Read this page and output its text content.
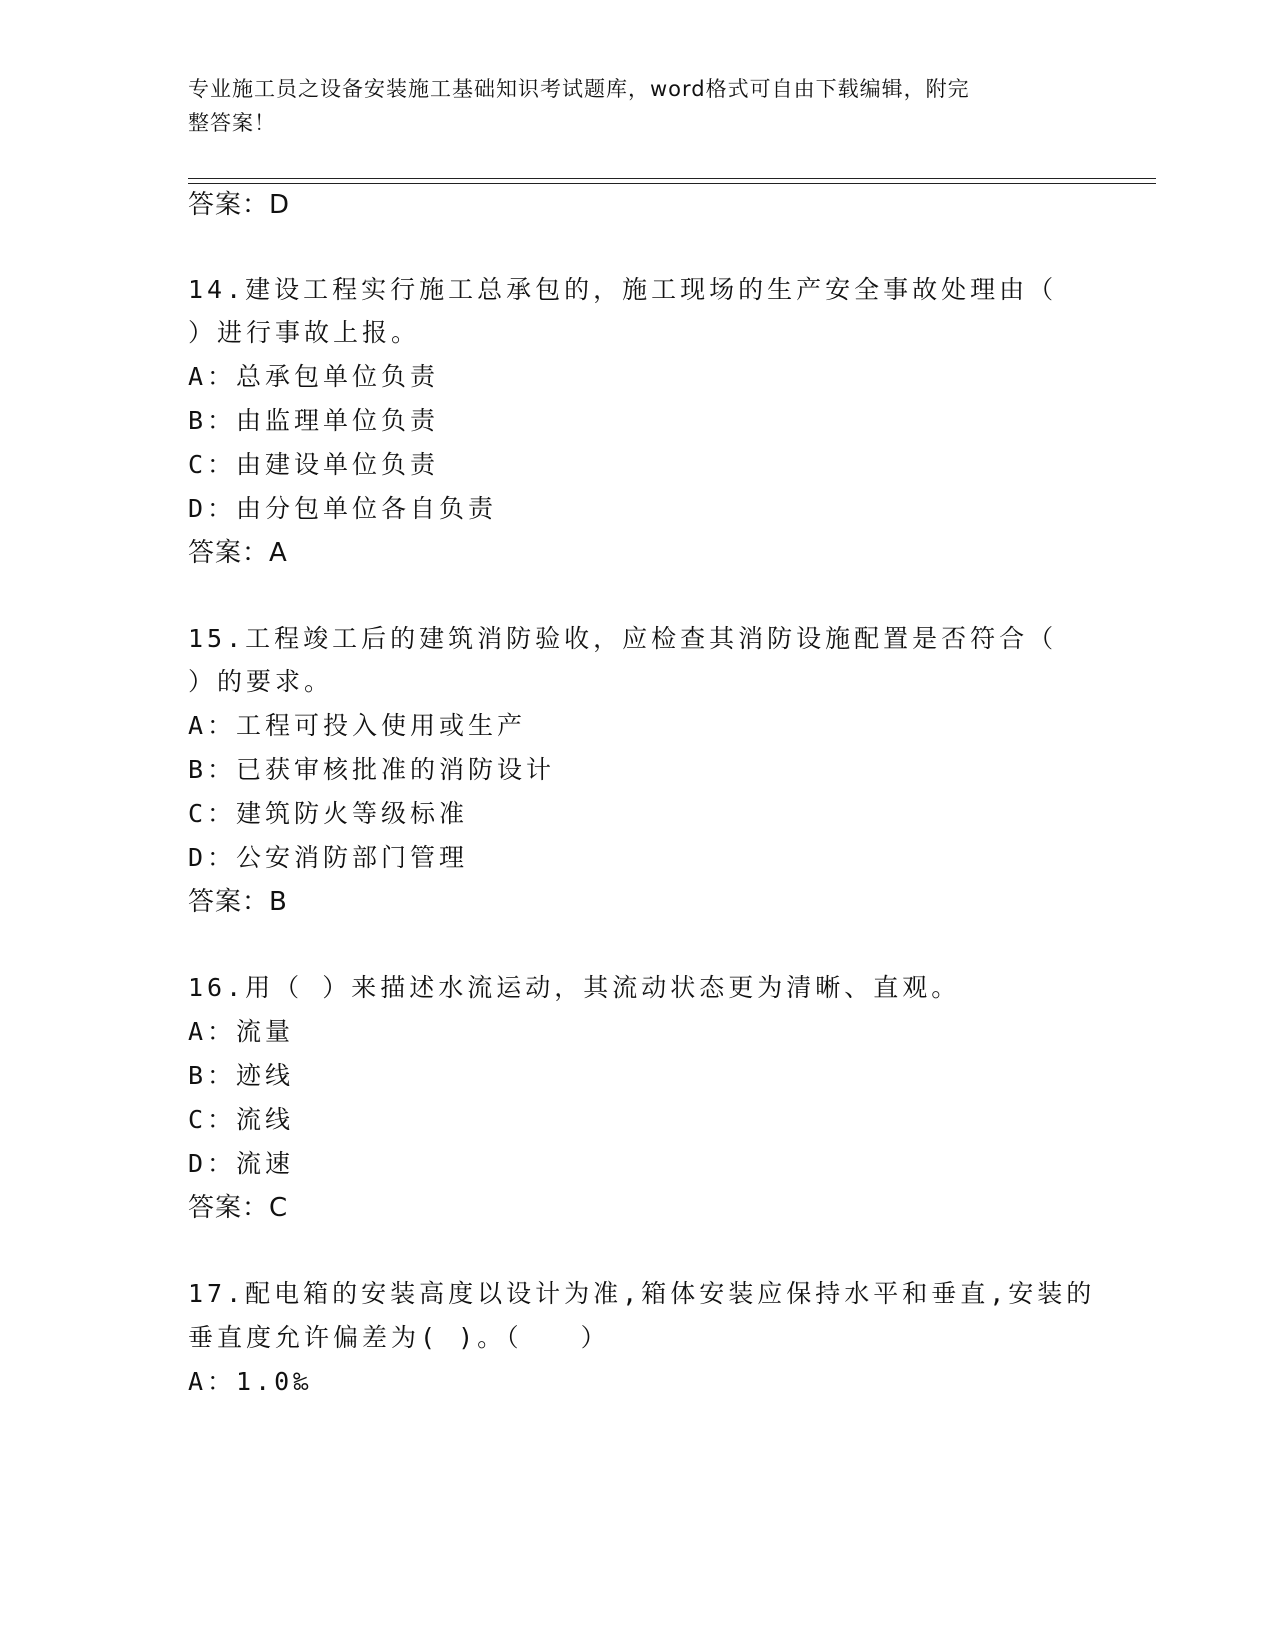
专业施工员之设备安装施工基础知识考试题库，word格式可自由下载编辑，附完
整答案！
答案：D
14.建设工程实行施工总承包的，施工现场的生产安全事故处理由（
）进行事故上报。
A：总承包单位负责
B：由监理单位负责
C：由建设单位负责
D：由分包单位各自负责
答案：A
15.工程竣工后的建筑消防验收，应检查其消防设施配置是否符合（
）的要求。
A：工程可投入使用或生产
B：已获审核批准的消防设计
C：建筑防火等级标准
D：公安消防部门管理
答案：B
16.用（ ）来描述水流运动，其流动状态更为清晰、直观。
A：流量
B：迹线
C：流线
D：流速
答案：C
17.配电箱的安装高度以设计为准,箱体安装应保持水平和垂直,安装的
垂直度允许偏差为( )。（　　）
A：1.0‰
